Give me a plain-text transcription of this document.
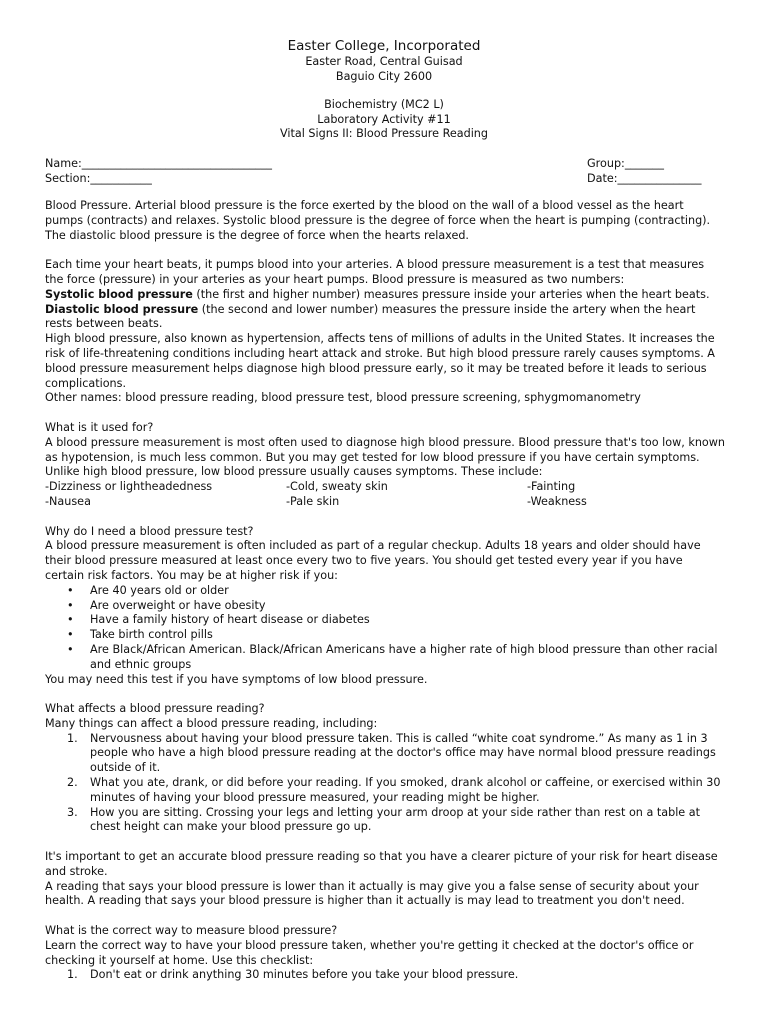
Easter College, Incorporated
Easter Road, Central Guisad
Baguio City 2600
Biochemistry (MC2 L)
Laboratory Activity #11
Vital Signs II: Blood Pressure Reading
Name:__________________________________	Group:_______
Section:___________	Date:_______________

Blood Pressure. Arterial blood pressure is the force exerted by the blood on the wall of a blood vessel as the heart pumps (contracts) and relaxes. Systolic blood pressure is the degree of force when the heart is pumping (contracting). The diastolic blood pressure is the degree of force when the hearts relaxed.

Each time your heart beats, it pumps blood into your arteries. A blood pressure measurement is a test that measures the force (pressure) in your arteries as your heart pumps. Blood pressure is measured as two numbers:

Systolic blood pressure (the first and higher number) measures pressure inside your arteries when the heart beats.

Diastolic blood pressure (the second and lower number) measures the pressure inside the artery when the heart rests between beats.

High blood pressure, also known as hypertension, affects tens of millions of adults in the United States. It increases the risk of life-threatening conditions including heart attack and stroke. But high blood pressure rarely causes symptoms. A blood pressure measurement helps diagnose high blood pressure early, so it may be treated before it leads to serious complications.

Other names: blood pressure reading, blood pressure test, blood pressure screening, sphygmomanometry

What is it used for?

A blood pressure measurement is most often used to diagnose high blood pressure. Blood pressure that's too low, known as hypotension, is much less common. But you may get tested for low blood pressure if you have certain symptoms. Unlike high blood pressure, low blood pressure usually causes symptoms. These include:

-Dizziness or lightheadedness	-Cold, sweaty skin	-Fainting
-Nausea	-Pale skin	-Weakness

Why do I need a blood pressure test?

A blood pressure measurement is often included as part of a regular checkup. Adults 18 years and older should have their blood pressure measured at least once every two to five years. You should get tested every year if you have certain risk factors. You may be at higher risk if you:

• Are 40 years old or older
• Are overweight or have obesity
• Have a family history of heart disease or diabetes
• Take birth control pills
• Are Black/African American. Black/African Americans have a higher rate of high blood pressure than other racial and ethnic groups

You may need this test if you have symptoms of low blood pressure.

What affects a blood pressure reading?

Many things can affect a blood pressure reading, including:

1. Nervousness about having your blood pressure taken. This is called “white coat syndrome.” As many as 1 in 3 people who have a high blood pressure reading at the doctor's office may have normal blood pressure readings outside of it.
2. What you ate, drank, or did before your reading. If you smoked, drank alcohol or caffeine, or exercised within 30 minutes of having your blood pressure measured, your reading might be higher.
3. How you are sitting. Crossing your legs and letting your arm droop at your side rather than rest on a table at chest height can make your blood pressure go up.

It's important to get an accurate blood pressure reading so that you have a clearer picture of your risk for heart disease and stroke.

A reading that says your blood pressure is lower than it actually is may give you a false sense of security about your health. A reading that says your blood pressure is higher than it actually is may lead to treatment you don't need.

What is the correct way to measure blood pressure?

Learn the correct way to have your blood pressure taken, whether you're getting it checked at the doctor's office or checking it yourself at home. Use this checklist:

1. Don't eat or drink anything 30 minutes before you take your blood pressure.
